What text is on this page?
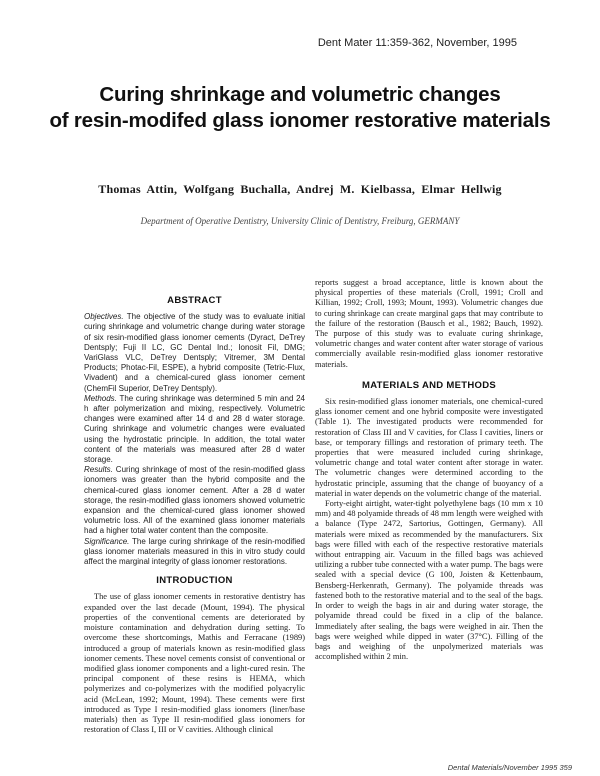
Dent Mater 11:359-362, November, 1995
Curing shrinkage and volumetric changes
of resin-modifed glass ionomer restorative materials
Thomas Attin, Wolfgang Buchalla, Andrej M. Kielbassa, Elmar Hellwig
Department of Operative Dentistry, University Clinic of Dentistry, Freiburg, GERMANY
ABSTRACT

Objectives. The objective of the study was to evaluate initial curing shrinkage and volumetric change during water storage of six resin-modified glass ionomer cements (Dyract, DeTrey Dentsply; Fuji II LC, GC Dental Ind.; Ionosit Fil, DMG; VariGlass VLC, DeTrey Dentsply; Vitremer, 3M Dental Products; Photac-Fil, ESPE), a hybrid composite (Tetric-Flux, Vivadent) and a chemical-cured glass ionomer cement (ChemFil Superior, DeTrey Dentsply).

Methods. The curing shrinkage was determined 5 min and 24 h after polymerization and mixing, respectively. Volumetric changes were examined after 14 d and 28 d water storage. Curing shrinkage and volumetric changes were evaluated using the hydrostatic principle. In addition, the total water content of the materials was measured after 28 d water storage.

Results. Curing shrinkage of most of the resin-modified glass ionomers was greater than the hybrid composite and the chemical-cured glass ionomer cement. After a 28 d water storage, the resin-modified glass ionomers showed volumetric expansion and the chemical-cured glass ionomer showed volumetric loss. All of the examined glass ionomer materials had a higher total water content than the composite.

Significance. The large curing shrinkage of the resin-modified glass ionomer materials measured in this in vitro study could affect the marginal integrity of glass ionomer restorations.

INTRODUCTION

The use of glass ionomer cements in restorative dentistry has expanded over the last decade (Mount, 1994). The physical properties of the conventional cements are deteriorated by moisture contamination and dehydration during setting. To overcome these shortcomings, Mathis and Ferracane (1989) introduced a group of materials known as resin-modified glass ionomer cements. These novel cements consist of conventional or modified glass ionomer components and a light-cured resin. The principal component of these resins is HEMA, which polymerizes and co-polymerizes with the modified polyacrylic acid (McLean, 1992; Mount, 1994). These cements were first introduced as Type I resin-modified glass ionomers (liner/base materials) then as Type II resin-modified glass ionomers for restoration of Class I, III or V cavities. Although clinical

reports suggest a broad acceptance, little is known about the physical properties of these materials (Croll, 1991; Croll and Killian, 1992; Croll, 1993; Mount, 1993). Volumetric changes due to curing shrinkage can create marginal gaps that may contribute to the failure of the restoration (Bausch et al., 1982; Bauch, 1992). The purpose of this study was to evaluate curing shrinkage, volumetric changes and water content after water storage of various commercially available resin-modified glass ionomer restorative materials.

MATERIALS AND METHODS

Six resin-modified glass ionomer materials, one chemical-cured glass ionomer cement and one hybrid composite were investigated (Table 1). The investigated products were recommended for restoration of Class III and V cavities, for Class I cavities, liners or base, or temporary fillings and restoration of primary teeth. The properties that were measured included curing shrinkage, volumetric change and total water content after storage in water. The volumetric changes were determined according to the hydrostatic principle, assuming that the change of buoyancy of a material in water depends on the volumetric change of the material.

Forty-eight airtight, water-tight polyethylene bags (10 mm x 10 mm) and 48 polyamide threads of 48 mm length were weighed with a balance (Type 2472, Sartorius, Gottingen, Germany). All materials were mixed as recommended by the manufacturers. Six bags were filled with each of the respective restorative materials without entrapping air. Vacuum in the filled bags was achieved utilizing a rubber tube connected with a water pump. The bags were sealed with a special device (G 100, Joisten & Kettenbaum, Bensberg-Herkenrath, Germany). The polyamide threads was fastened both to the restorative material and to the seal of the bags. In order to weigh the bags in air and during water storage, the polyamide thread could be fixed in a clip of the balance. Immediately after sealing, the bags were weighed in air. Then the bags were weighed while dipped in water (37°C). Filling of the bags and weighing of the unpolymerized materials was accomplished within 2 min.

Dental Materials/November 1995 359
